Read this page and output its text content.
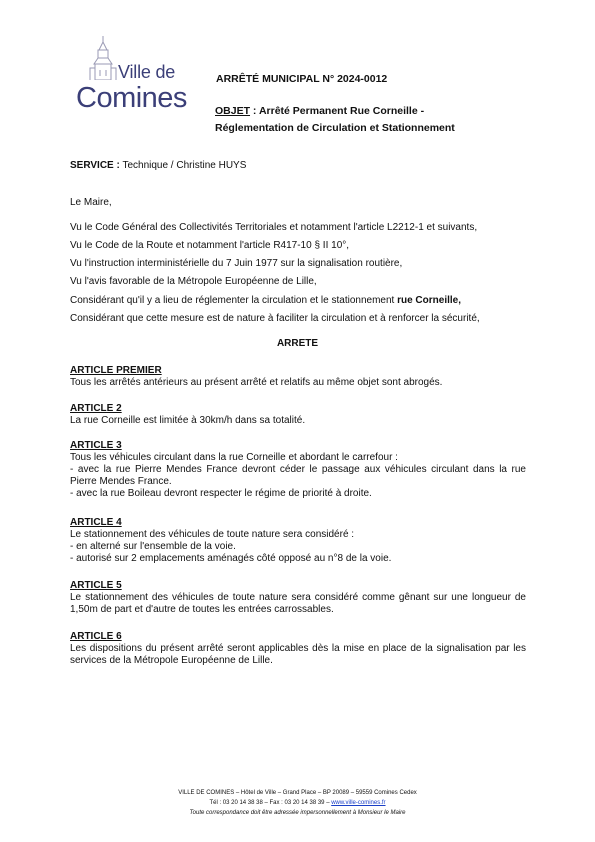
Ville de
Comines
ARRÊTÉ MUNICIPAL N° 2024-0012
OBJET : Arrêté Permanent Rue Corneille -
Réglementation de Circulation et Stationnement
SERVICE : Technique / Christine HUYS
Le Maire,
Vu le Code Général des Collectivités Territoriales et notamment l'article L2212-1 et suivants,
Vu le Code de la Route et notamment l'article R417-10 § II 10°,
Vu l'instruction interministérielle du 7 Juin 1977 sur la signalisation routière,
Vu l'avis favorable de la Métropole Européenne de Lille,
Considérant qu'il y a lieu de réglementer la circulation et le stationnement rue Corneille,
Considérant que cette mesure est de nature à faciliter la circulation et à renforcer la sécurité,
ARRETE
ARTICLE PREMIER

Tous les arrêtés antérieurs au présent arrêté et relatifs au même objet sont abrogés.

ARTICLE 2

La rue Corneille est limitée à 30km/h dans sa totalité.

ARTICLE 3

Tous les véhicules circulant dans la rue Corneille et abordant le carrefour :

- avec la rue Pierre Mendes France devront céder le passage aux véhicules circulant dans la rue Pierre Mendes France.

- avec la rue Boileau devront respecter le régime de priorité à droite.

ARTICLE 4

Le stationnement des véhicules de toute nature sera considéré :

- en alterné sur l'ensemble de la voie.

- autorisé sur 2 emplacements aménagés côté opposé au n°8 de la voie.

ARTICLE 5

Le stationnement des véhicules de toute nature sera considéré comme gênant sur une longueur de 1,50m de part et d'autre de toutes les entrées carrossables.

ARTICLE 6

Les dispositions du présent arrêté seront applicables dès la mise en place de la signalisation par les services de la Métropole Européenne de Lille.

VILLE DE COMINES – Hôtel de Ville – Grand Place – BP 20089 – 59559 Comines Cedex
Tél : 03 20 14 38 38 – Fax : 03 20 14 38 39 – www.ville-comines.fr
Toute correspondance doit être adressée impersonnellement à Monsieur le Maire
